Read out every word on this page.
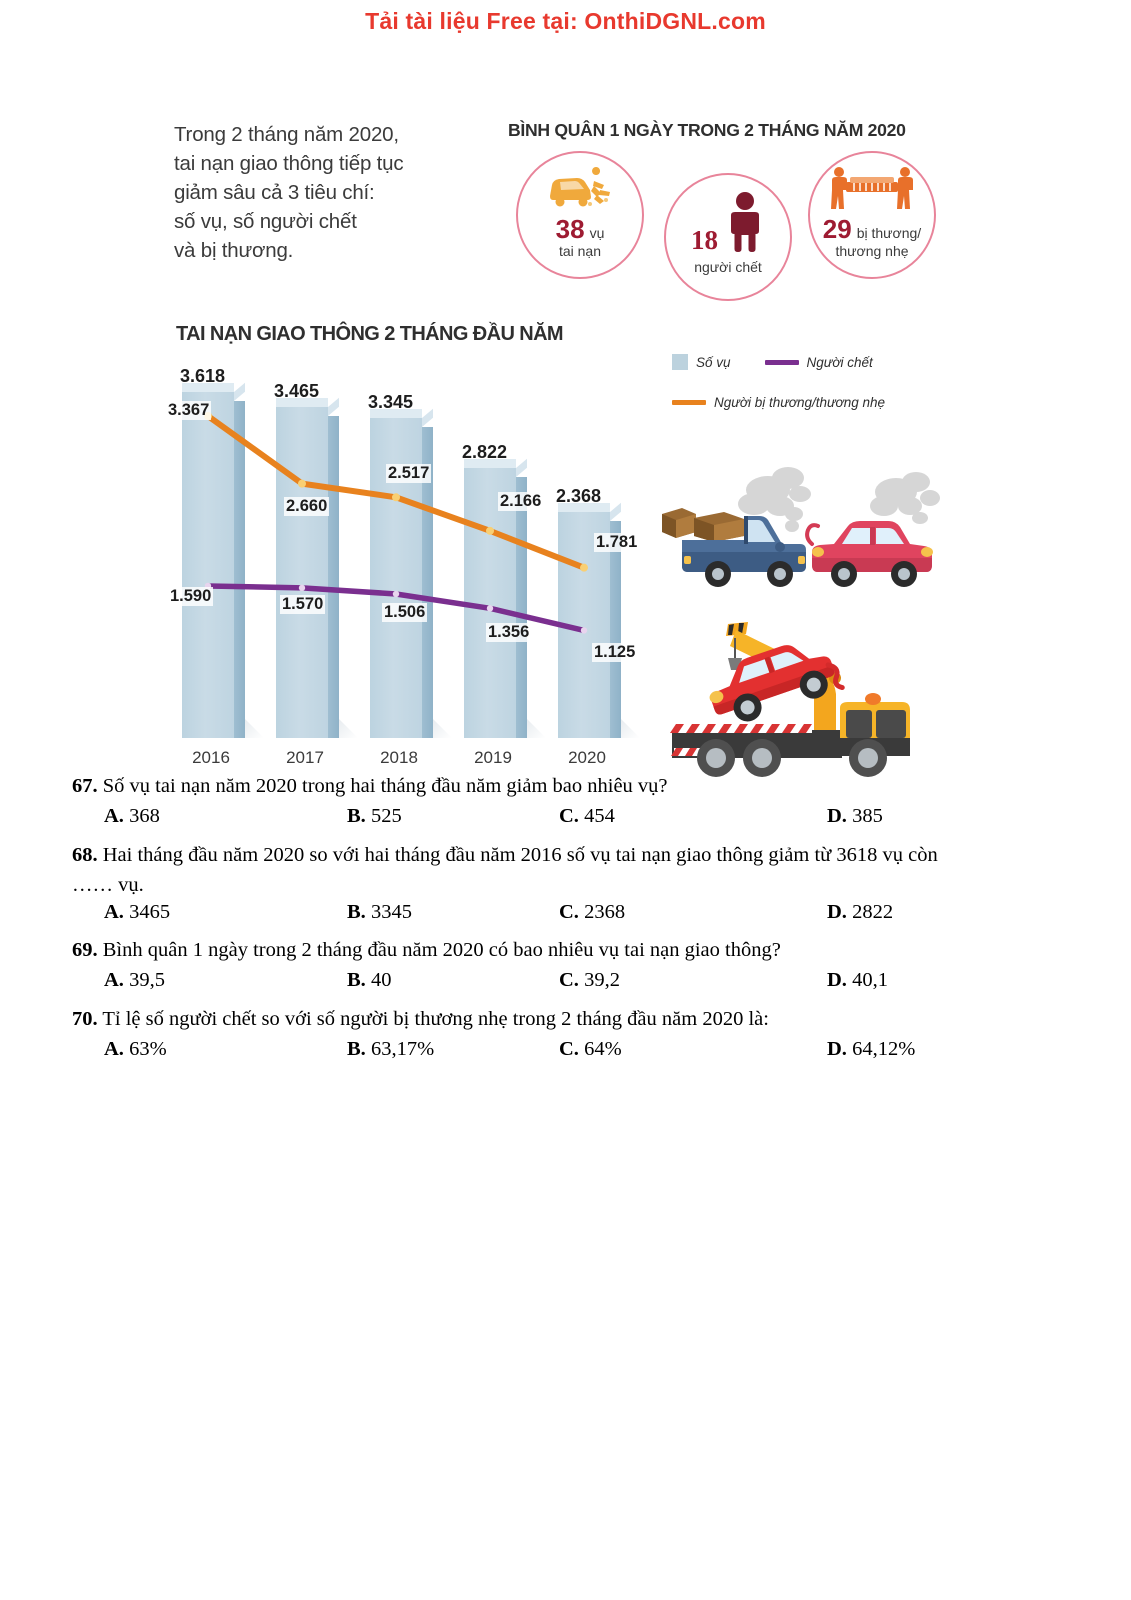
Tải tài liệu Free tại: OnthiDGNL.com
Trong 2 tháng năm 2020,
tai nạn giao thông tiếp tục
giảm sâu cả 3 tiêu chí:
số vụ, số người chết
và bị thương.
BÌNH QUÂN 1 NGÀY TRONG 2 THÁNG NĂM 2020
38 vụ
tai nạn	18
người chết
29 bị thương/
thương nhẹ
TAI NẠN GIAO THÔNG 2 THÁNG ĐẦU NĂM
Số vụ	Người chết
Người bị thương/thương nhẹ
3.618
2016
3.465
2017
3.345
2018
2.822
2019
2.368
2020
3.367
2.660
2.517
2.166
1.781
1.590	1.570	1.506
1.356
1.125

67. Số vụ tai nạn năm 2020 trong hai tháng đầu năm giảm bao nhiêu vụ?

A. 368	B. 525	C. 454	D. 385

68. Hai tháng đầu năm 2020 so với hai tháng đầu năm 2016 số vụ tai nạn giao thông giảm từ 3618 vụ còn

…… vụ.
A. 3465	B. 3345	C. 2368	D. 2822

69. Bình quân 1 ngày trong 2 tháng đầu năm 2020 có bao nhiêu vụ tai nạn giao thông?

A. 39,5	B. 40	C. 39,2	D. 40,1

70. Tỉ lệ số người chết so với số người bị thương nhẹ trong 2 tháng đầu năm 2020 là:

A. 63%	B. 63,17%	C. 64%	D. 64,12%
